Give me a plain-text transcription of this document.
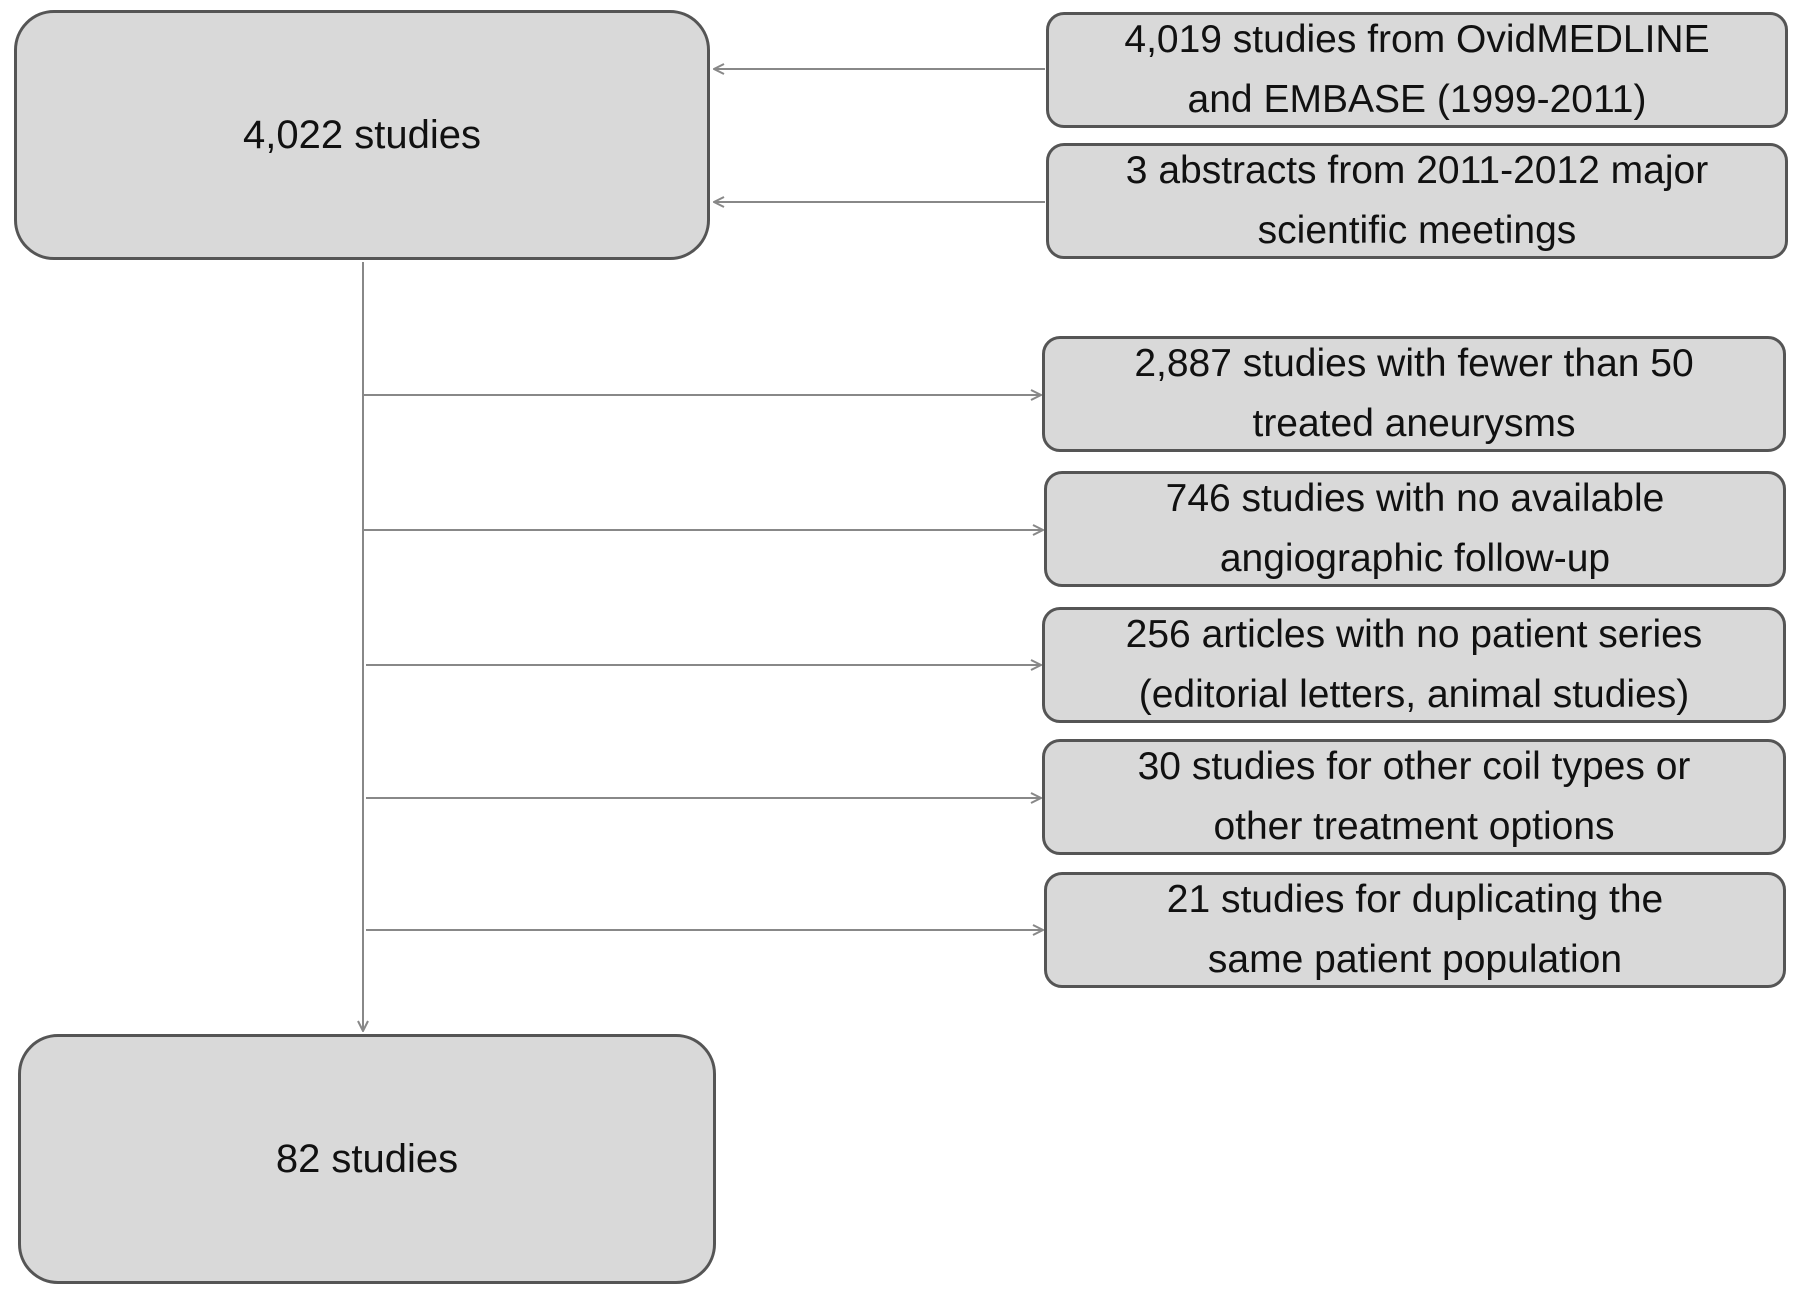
4,022 studies
4,019 studies from OvidMEDLINE
and EMBASE (1999-2011)
3 abstracts from 2011-2012 major
scientific meetings
2,887 studies with fewer than 50
treated aneurysms
746 studies with no available
angiographic follow-up
256 articles with no patient series
(editorial letters, animal studies)
30 studies for other coil types or
other treatment options
21 studies for duplicating the
same patient population
82 studies
